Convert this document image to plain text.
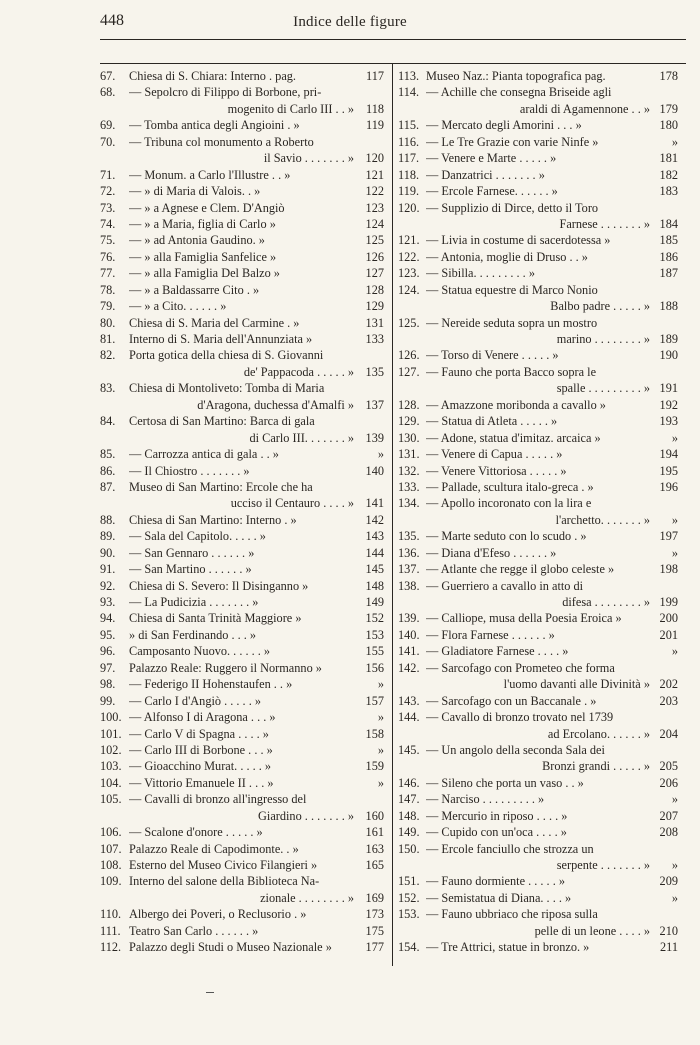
448	Indice delle figure
67. Chiesa di S. Chiara: Interno . pag.	117
68. — Sepolcro di Filippo di Borbone, pri-
mogenito di Carlo III . . » 118
69. — Tomba antica degli Angioini . »	119
70. — Tribuna col monumento a Roberto
il Savio . . . . . . . » 120
71. — Monum. a Carlo l'Illustre . . »	121
72. — » di Maria di Valois. . »	122
73. — » a Agnese e Clem. D'Angiò	123
74. — » a Maria, figlia di Carlo »	124
75. — » ad Antonia Gaudino. »	125
76. — » alla Famiglia Sanfelice »	126
77. — » alla Famiglia Del Balzo »	127
78. — » a Baldassarre Cito . »	128
79. — » a Cito. . . . . . »	129
80. Chiesa di S. Maria del Carmine . »	131
81. Interno di S. Maria dell'Annunziata »	133
82. Porta gotica della chiesa di S. Giovanni
de' Pappacoda . . . . . » 135
83. Chiesa di Montoliveto: Tomba di Maria
d'Aragona, duchessa d'Amalfi » 137
84. Certosa di San Martino: Barca di gala
di Carlo III. . . . . . . » 139
85. — Carrozza antica di gala . . »	»
86. — Il Chiostro . . . . . . . »	140
87. Museo di San Martino: Ercole che ha
ucciso il Centauro . . . . » 141
88. Chiesa di San Martino: Interno . »	142
89. — Sala del Capitolo. . . . . »	143
90. — San Gennaro . . . . . . »	144
91. — San Martino . . . . . . »	145
92. Chiesa di S. Severo: Il Disinganno »	148
93. — La Pudicizia . . . . . . . »	149
94. Chiesa di Santa Trinità Maggiore »	152
95. » di San Ferdinando . . . »	153
96. Camposanto Nuovo. . . . . . »	155
97. Palazzo Reale: Ruggero il Normanno »	156
98. — Federigo II Hohenstaufen . . »	»
99. — Carlo I d'Angiò . . . . . »	157
100. — Alfonso I di Aragona . . . »	»
101. — Carlo V di Spagna . . . . »	158
102. — Carlo III di Borbone . . . »	»
103. — Gioacchino Murat. . . . . »	159
104. — Vittorio Emanuele II . . . »	»
105. — Cavalli di bronzo all'ingresso del
Giardino . . . . . . . » 160
106. — Scalone d'onore . . . . . »	161
107. Palazzo Reale di Capodimonte. . »	163
108. Esterno del Museo Civico Filangieri »	165
109. Interno del salone della Biblioteca Na-
zionale . . . . . . . . » 169
110. Albergo dei Poveri, o Reclusorio . »	173
111. Teatro San Carlo . . . . . . »	175
112. Palazzo degli Studi o Museo Nazionale »	177
113. Museo Naz.: Pianta topografica pag.	178
114. — Achille che consegna Briseide agli
araldi di Agamennone . . » 179
115. — Mercato degli Amorini . . . »	180
116. — Le Tre Grazie con varie Ninfe »	»
117. — Venere e Marte . . . . . »	181
118. — Danzatrici . . . . . . . »	182
119. — Ercole Farnese. . . . . . »	183
120. — Supplizio di Dirce, detto il Toro
Farnese . . . . . . . » 184
121. — Livia in costume di sacerdotessa »	185
122. — Antonia, moglie di Druso . . »	186
123. — Sibilla. . . . . . . . . »	187
124. — Statua equestre di Marco Nonio
Balbo padre . . . . . » 188
125. — Nereide seduta sopra un mostro
marino . . . . . . . . » 189
126. — Torso di Venere . . . . . »	190
127. — Fauno che porta Bacco sopra le
spalle . . . . . . . . . » 191
128. — Amazzone moribonda a cavallo »	192
129. — Statua di Atleta . . . . . »	193
130. — Adone, statua d'imitaz. arcaica »	»
131. — Venere di Capua . . . . . »	194
132. — Venere Vittoriosa . . . . . »	195
133. — Pallade, scultura italo-greca . »	196
134. — Apollo incoronato con la lira e
l'archetto. . . . . . . » »
135. — Marte seduto con lo scudo . »	197
136. — Diana d'Efeso . . . . . . »	»
137. — Atlante che regge il globo celeste »	198
138. — Guerriero a cavallo in atto di
difesa . . . . . . . . » 199
139. — Calliope, musa della Poesia Eroica »	200
140. — Flora Farnese . . . . . . »	201
141. — Gladiatore Farnese . . . . »	»
142. — Sarcofago con Prometeo che forma
l'uomo davanti alle Divinità » 202
143. — Sarcofago con un Baccanale . »	203
144. — Cavallo di bronzo trovato nel 1739
ad Ercolano. . . . . . » 204
145. — Un angolo della seconda Sala dei
Bronzi grandi . . . . . » 205
146. — Sileno che porta un vaso . . »	206
147. — Narciso . . . . . . . . . »	»
148. — Mercurio in riposo . . . . »	207
149. — Cupido con un'oca . . . . »	208
150. — Ercole fanciullo che strozza un
serpente . . . . . . . » »
151. — Fauno dormiente . . . . . »	209
152. — Semistatua di Diana. . . . »	»
153. — Fauno ubbriaco che riposa sulla
pelle di un leone . . . . » 210
154. — Tre Attrici, statue in bronzo. »	211
